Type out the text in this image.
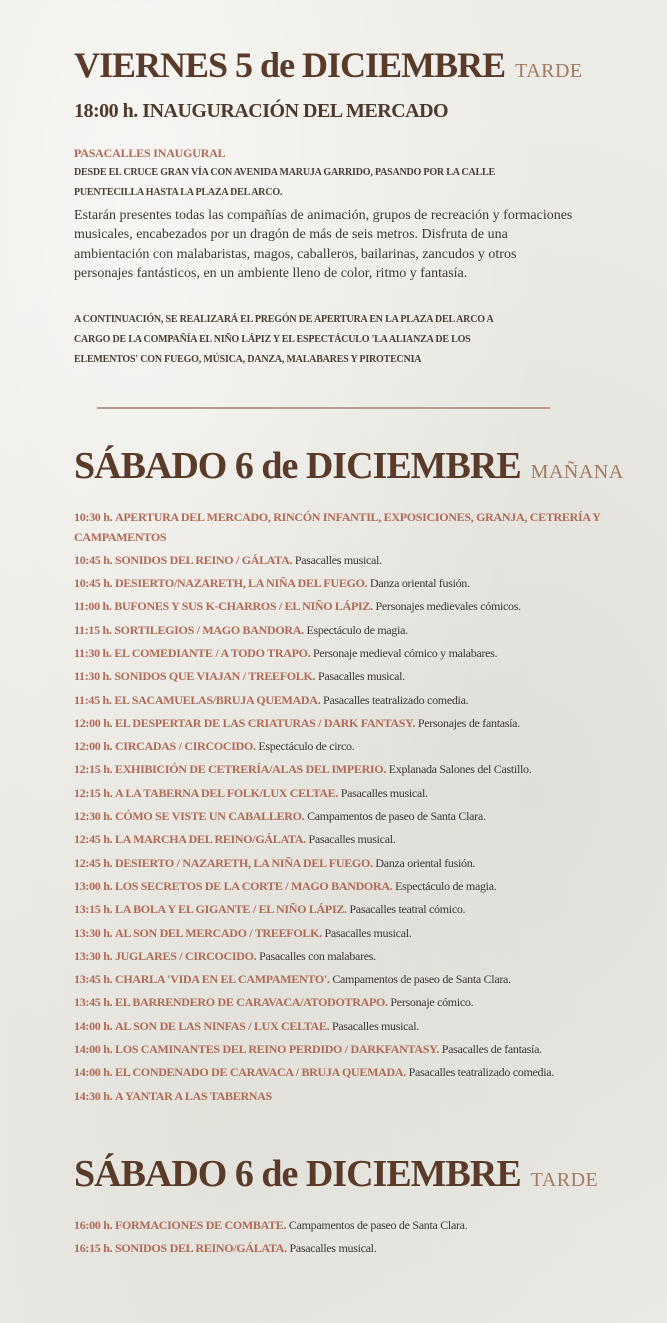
VIERNES 5 de DICIEMBRE TARDE
18:00 h. INAUGURACIÓN DEL MERCADO
PASACALLES INAUGURAL
DESDE EL CRUCE GRAN VÍA CON AVENIDA MARUJA GARRIDO, PASANDO POR LA CALLE
PUENTECILLA HASTA LA PLAZA DEL ARCO.
Estarán presentes todas las compañías de animación, grupos de recreación y formaciones musicales, encabezados por un dragón de más de seis metros. Disfruta de una ambientación con malabaristas, magos, caballeros, bailarinas, zancudos y otros personajes fantásticos, en un ambiente lleno de color, ritmo y fantasía.
A CONTINUACIÓN, SE REALIZARÁ EL PREGÓN DE APERTURA EN LA PLAZA DEL ARCO A
CARGO DE LA COMPAÑÍA EL NIÑO LÁPIZ Y EL ESPECTÁCULO 'LA ALIANZA DE LOS
ELEMENTOS' CON FUEGO, MÚSICA, DANZA, MALABARES Y PIROTECNIA
SÁBADO 6 de DICIEMBRE MAÑANA
10:30 h. APERTURA DEL MERCADO, RINCÓN INFANTIL, EXPOSICIONES, GRANJA, CETRERÍA Y CAMPAMENTOS
10:45 h. SONIDOS DEL REINO / GÁLATA. Pasacalles musical.
10:45 h. DESIERTO/NAZARETH, LA NIÑA DEL FUEGO. Danza oriental fusión.
11:00 h. BUFONES Y SUS K-CHARROS / EL NIÑO LÁPIZ. Personajes medievales cómicos.
11:15 h. SORTILEGIOS / MAGO BANDORA. Espectáculo de magia.
11:30 h. EL COMEDIANTE / A TODO TRAPO. Personaje medieval cómico y malabares.
11:30 h. SONIDOS QUE VIAJAN / TREEFOLK. Pasacalles musical.
11:45 h. EL SACAMUELAS/BRUJA QUEMADA. Pasacalles teatralizado comedia.
12:00 h. EL DESPERTAR DE LAS CRIATURAS / DARK FANTASY. Personajes de fantasía.
12:00 h. CIRCADAS / CIRCOCIDO. Espectáculo de circo.
12:15 h. EXHIBICIÓN DE CETRERÍA/ALAS DEL IMPERIO. Explanada Salones del Castillo.
12:15 h. A LA TABERNA DEL FOLK/LUX CELTAE. Pasacalles musical.
12:30 h. CÓMO SE VISTE UN CABALLERO. Campamentos de paseo de Santa Clara.
12:45 h. LA MARCHA DEL REINO/GÁLATA. Pasacalles musical.
12:45 h. DESIERTO / NAZARETH, LA NIÑA DEL FUEGO. Danza oriental fusión.
13:00 h. LOS SECRETOS DE LA CORTE / MAGO BANDORA. Espectáculo de magia.
13:15 h. LA BOLA Y EL GIGANTE / EL NIÑO LÁPIZ. Pasacalles teatral cómico.
13:30 h. AL SON DEL MERCADO / TREEFOLK. Pasacalles musical.
13:30 h. JUGLARES / CIRCOCIDO. Pasacalles con malabares.
13:45 h. CHARLA 'VIDA EN EL CAMPAMENTO'. Campamentos de paseo de Santa Clara.
13:45 h. EL BARRENDERO DE CARAVACA/ATODOTRAPO. Personaje cómico.
14:00 h. AL SON DE LAS NINFAS / LUX CELTAE. Pasacalles musical.
14:00 h. LOS CAMINANTES DEL REINO PERDIDO / DARKFANTASY. Pasacalles de fantasía.
14:00 h. EL CONDENADO DE CARAVACA / BRUJA QUEMADA. Pasacalles teatralizado comedia.
14:30 h. A YANTAR A LAS TABERNAS
SÁBADO 6 de DICIEMBRE TARDE
16:00 h. FORMACIONES DE COMBATE. Campamentos de paseo de Santa Clara.
16:15 h. SONIDOS DEL REINO/GÁLATA. Pasacalles musical.
